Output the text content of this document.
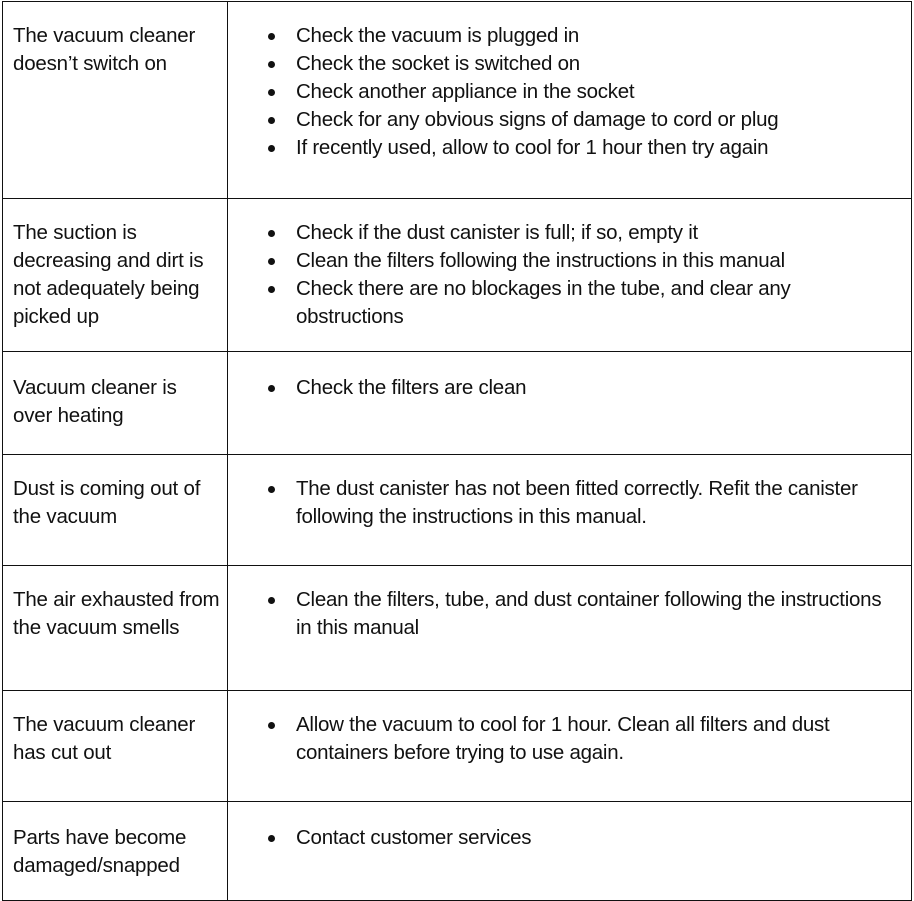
The vacuum cleaner doesn’t switch on	
Check the vacuum is plugged in
Check the socket is switched on
Check another appliance in the socket
Check for any obvious signs of damage to cord or plug
If recently used, allow to cool for 1 hour then try again

The suction is decreasing and dirt is not adequately being picked up	
Check if the dust canister is full; if so, empty it
Clean the filters following the instructions in this manual
Check there are no blockages in the tube, and clear any obstructions

Vacuum cleaner is over heating	
Check the filters are clean

Dust is coming out of the vacuum	
The dust canister has not been fitted correctly. Refit the canister following the instructions in this manual.

The air exhausted from the vacuum smells	
Clean the filters, tube, and dust container following the instructions in this manual

The vacuum cleaner has cut out	
Allow the vacuum to cool for 1 hour. Clean all filters and dust containers before trying to use again.

Parts have become damaged/snapped	
Contact customer services
